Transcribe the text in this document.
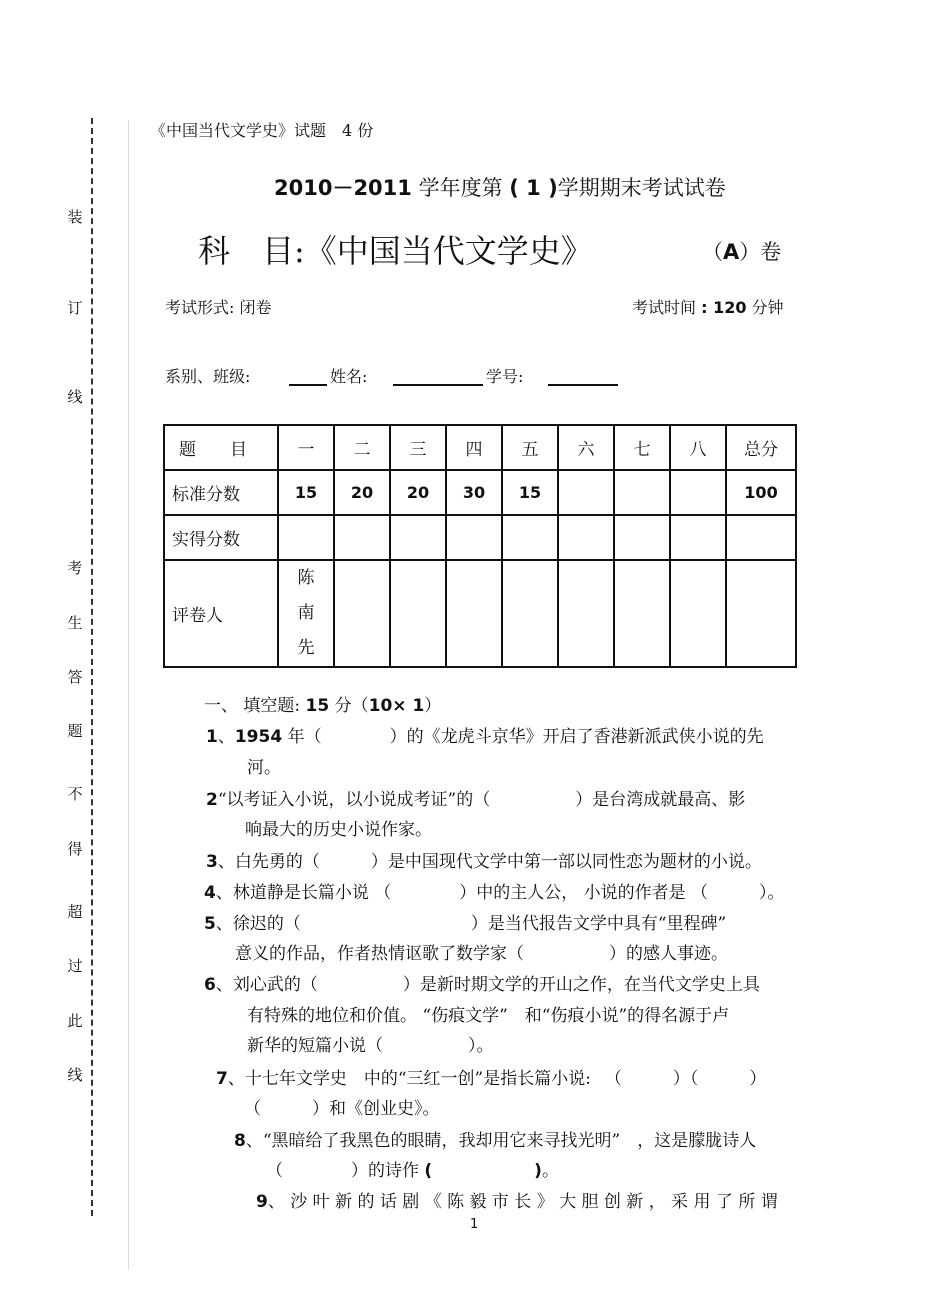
装
订
线
考
生
答
题
不
得
超
过
此
线
《中国当代文学史》试题　4 份
2010－2011 学年度第 ( 1 )学期期末考试试卷
科　目:《中国当代文学史》	（A）卷
考试形式: 闭卷	考试时间 : 120 分钟
系别、班级:	姓名:	学号:
题　　目	一	二	三	四	五	六	七	八	总分
标准分数	15	20	20	30	15				100
实得分数									
评卷人	陈
南
先								
一、 填空题: 15 分（10× 1）
1、1954 年（　　　　）的《龙虎斗京华》开启了香港新派武侠小说的先
河。
2“以考证入小说，以小说成考证”的（　　　　　）是台湾成就最高、影
响最大的历史小说作家。
3、白先勇的（　　　）是中国现代文学中第一部以同性恋为题材的小说。
4、林道静是长篇小说 （　　　　）中的主人公， 小说的作者是 （　　　）。
5、徐迟的（　　　　　　　　　　）是当代报告文学中具有“里程碑”
意义的作品，作者热情讴歌了数学家（　　　　　）的感人事迹。
6、刘心武的（　　　　　）是新时期文学的开山之作，在当代文学史上具
有特殊的地位和价值。 “伤痕文学”　和“伤痕小说”的得名源于卢
新华的短篇小说（　　　　　）。
7、十七年文学史　中的“三红一创”是指长篇小说: 　（　　　）（　　　）
（　　　）和《创业史》。
8、“黑暗给了我黑色的眼睛，我却用它来寻找光明”　，这是朦胧诗人
（　　　　）的诗作 (　　　　　　)。
9、 沙 叶 新 的 话 剧 《 陈 毅 市 长 》 大 胆 创 新 ， 采 用 了 所 谓
1
